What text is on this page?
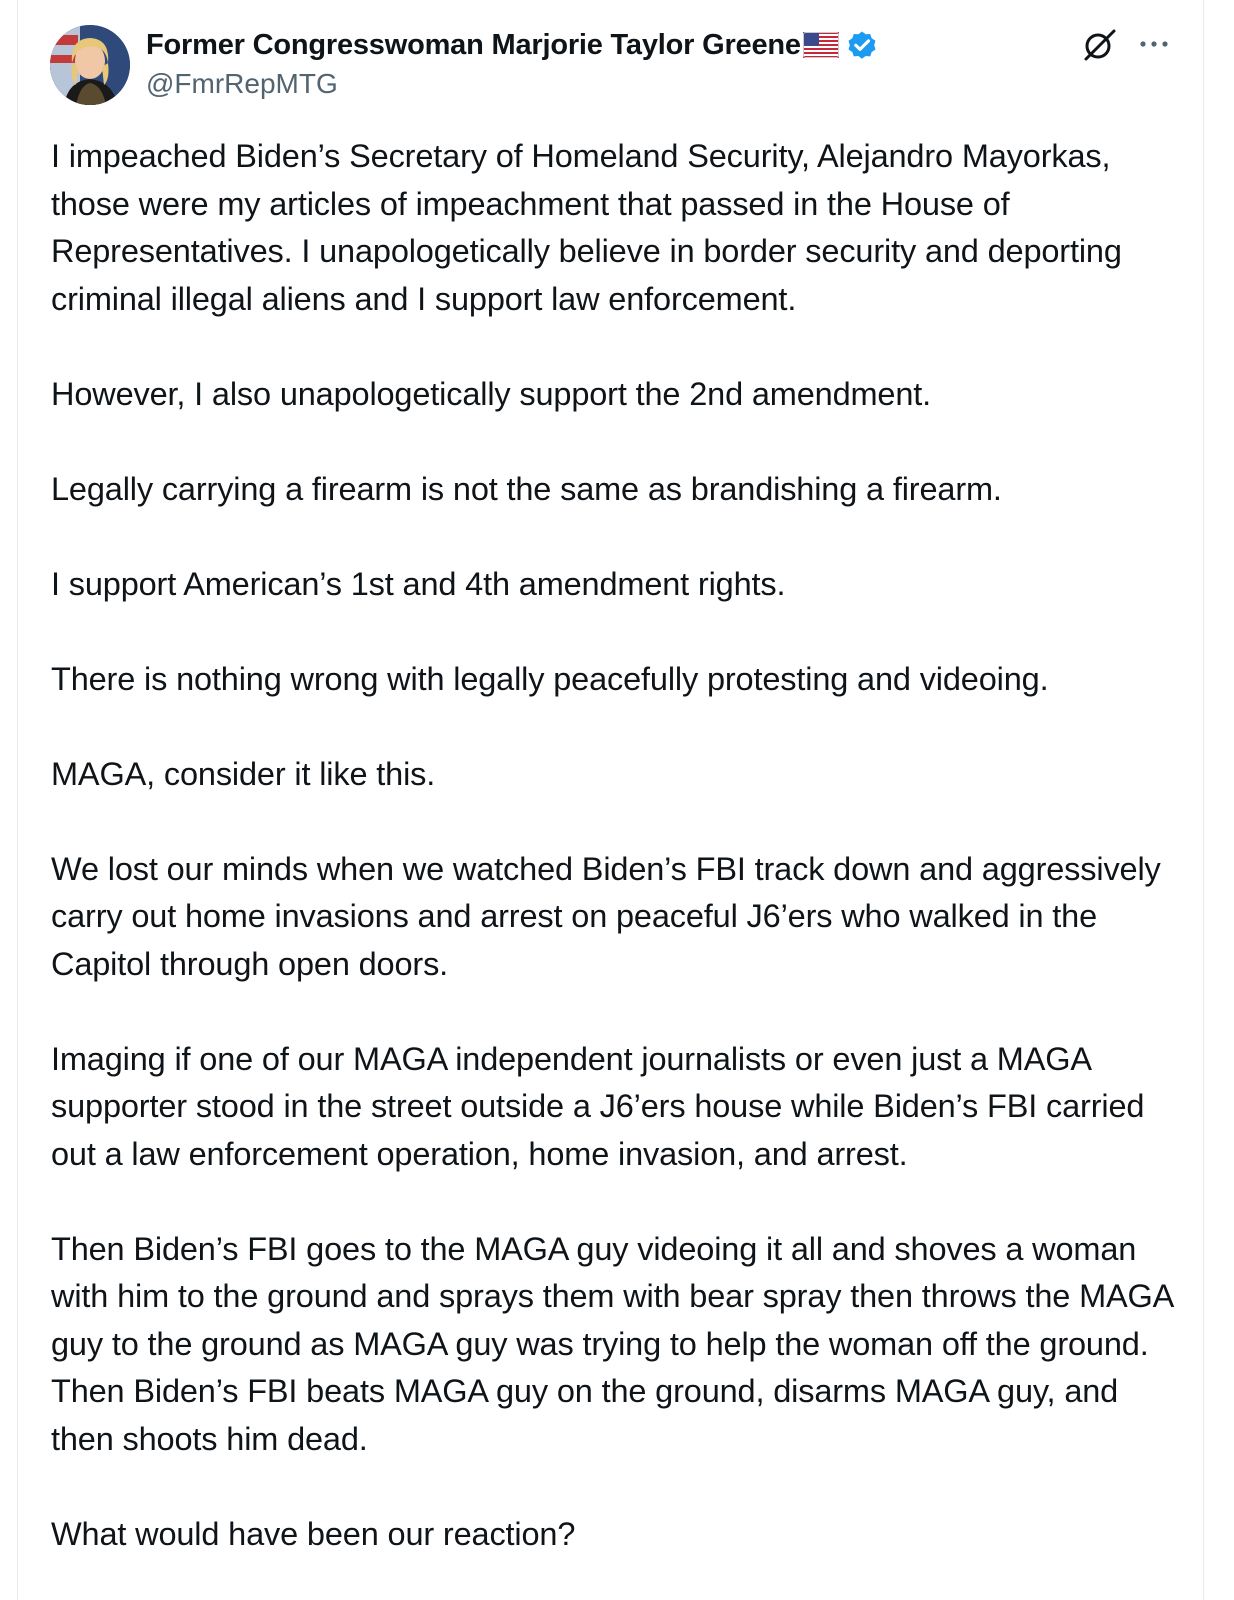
Former Congresswoman Marjorie Taylor Greene
@FmrRepMTG

I impeached Biden’s Secretary of Homeland Security, Alejandro Mayorkas, those were my articles of impeachment that passed in the House of Representatives. I unapologetically believe in border security and deporting criminal illegal aliens and I support law enforcement.

However, I also unapologetically support the 2nd amendment.

Legally carrying a firearm is not the same as brandishing a firearm.

I support American’s 1st and 4th amendment rights.

There is nothing wrong with legally peacefully protesting and videoing.

MAGA, consider it like this.

We lost our minds when we watched Biden’s FBI track down and aggressively carry out home invasions and arrest on peaceful J6’ers who walked in the Capitol through open doors.

Imaging if one of our MAGA independent journalists or even just a MAGA supporter stood in the street outside a J6’ers house while Biden’s FBI carried out a law enforcement operation, home invasion, and arrest.

Then Biden’s FBI goes to the MAGA guy videoing it all and shoves a woman with him to the ground and sprays them with bear spray then throws the MAGA guy to the ground as MAGA guy was trying to help the woman off the ground. Then Biden’s FBI beats MAGA guy on the ground, disarms MAGA guy, and then shoots him dead.

What would have been our reaction?
